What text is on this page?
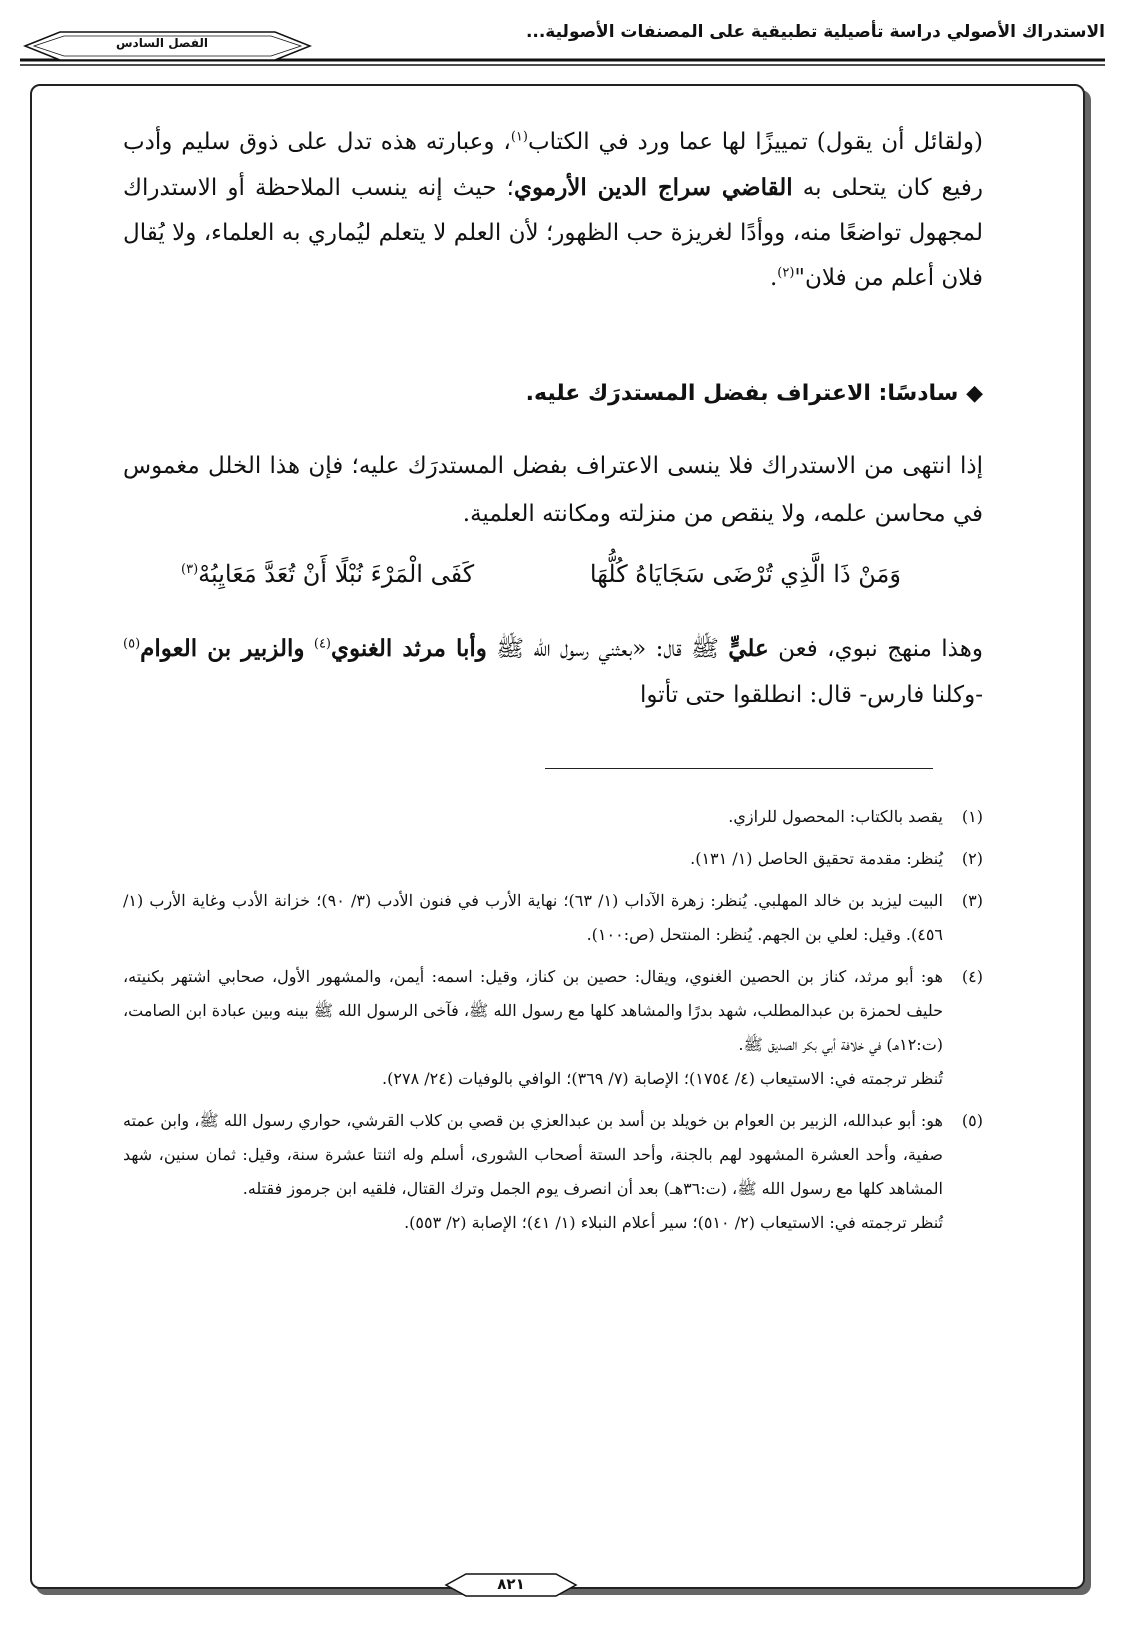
الاستدراك الأصولي دراسة تأصيلية تطبيقية على المصنفات الأصولية...
الفصل السادس

(ولقائل أن يقول) تمييزًا لها عما ورد في الكتاب$^{(١)}$، وعبارته هذه تدل على ذوق سليم وأدب رفيع كان يتحلى به القاضي سراج الدين الأرموي؛ حيث إنه ينسب الملاحظة أو الاستدراك لمجهول تواضعًا منه، ووأدًا لغريزة حب الظهور؛ لأن العلم لا يتعلم ليُماري به العلماء، ولا يُقال فلان أعلم من فلان"$^{(٢)}$.

◆ سادسًا: الاعتراف بفضل المستدرَك عليه.

إذا انتهى من الاستدراك فلا ينسى الاعتراف بفضل المستدرَك عليه؛ فإن هذا الخلل مغموس في محاسن علمه، ولا ينقص من منزلته ومكانته العلمية.

وَمَنْ ذَا الَّذِي تُرْضَى سَجَايَاهُ كُلُّهَا
كَفَى الْمَرْءَ نُبْلًا أَنْ تُعَدَّ مَعَايِبُهْ$^{(٣)}$

وهذا منهج نبوي، فعن عليٍّ ﷺ قال: «بعثني رسول الله ﷺ وأبا مرثد الغنوي$^{(٤)}$ والزبير بن العوام$^{(٥)}$ -وكلنا فارس- قال: انطلقوا حتى تأتوا

(١)

يقصد بالكتاب: المحصول للرازي.

(٢)

يُنظر: مقدمة تحقيق الحاصل (١/ ١٣١).

(٣)

البيت ليزيد بن خالد المهلبي. يُنظر: زهرة الآداب (١/ ٦٣)؛ نهاية الأرب في فنون الأدب (٣/ ٩٠)؛ خزانة الأدب وغاية الأرب (١/ ٤٥٦). وقيل: لعلي بن الجهم. يُنظر: المنتحل (ص:١٠٠).

(٤)

هو: أبو مرثد، كناز بن الحصين الغنوي، ويقال: حصين بن كناز، وقيل: اسمه: أيمن، والمشهور الأول، صحابي اشتهر بكنيته، حليف لحمزة بن عبدالمطلب، شهد بدرًا والمشاهد كلها مع رسول الله ﷺ، فآخى الرسول الله ﷺ بينه وبين عبادة ابن الصامت، (ت:١٢هـ) في خلافة أبي بكر الصديق ﷺ.

تُنظر ترجمته في: الاستيعاب (٤/ ١٧٥٤)؛ الإصابة (٧/ ٣٦٩)؛ الوافي بالوفيات (٢٤/ ٢٧٨).

(٥)

هو: أبو عبدالله، الزبير بن العوام بن خويلد بن أسد بن عبدالعزي بن قصي بن كلاب القرشي، حواري رسول الله ﷺ، وابن عمته صفية، وأحد العشرة المشهود لهم بالجنة، وأحد الستة أصحاب الشورى، أسلم وله اثنتا عشرة سنة، وقيل: ثمان سنين، شهد المشاهد كلها مع رسول الله ﷺ، (ت:٣٦هـ) بعد أن انصرف يوم الجمل وترك القتال، فلقيه ابن جرموز فقتله.

تُنظر ترجمته في: الاستيعاب (٢/ ٥١٠)؛ سير أعلام النبلاء (١/ ٤١)؛ الإصابة (٢/ ٥٥٣).

٨٢١
